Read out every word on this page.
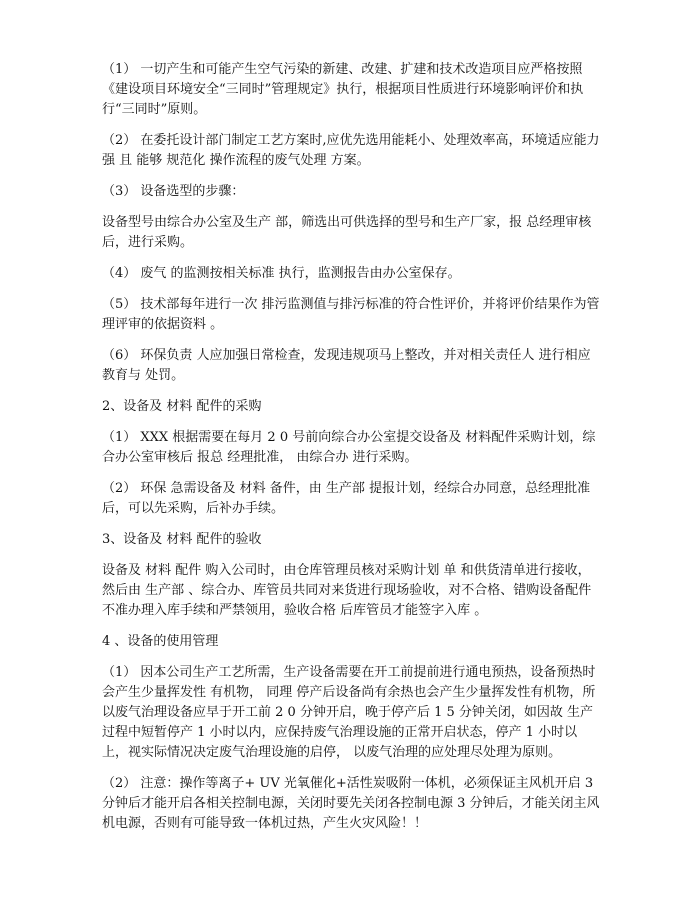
（1） 一切产生和可能产生空气污染的新建、改建、扩建和技术改造项目应严格按照《建设项目环境安全“三同时”管理规定》执行，根据项目性质进行环境影响评价和执行“三同时”原则。

（2） 在委托设计部门制定工艺方案时,应优先选用能耗小、处理效率高，环境适应能力强 且 能够 规范化 操作流程的废气处理 方案。

（3） 设备选型的步骤：

设备型号由综合办公室及生产 部，筛选出可供选择的型号和生产厂家，报 总经理审核后，进行采购。

（4） 废气 的监测按相关标准 执行，监测报告由办公室保存。

（5） 技术部每年进行一次 排污监测值与排污标准的符合性评价，并将评价结果作为管理评审的依据资料 。

（6） 环保负责 人应加强日常检查，发现违规项马上整改，并对相关责任人 进行相应 教育与 处罚。

2、设备及 材料 配件的采购

（1） XXX 根据需要在每月 2 0 号前向综合办公室提交设备及 材料配件采购计划，综合办公室审核后 报总 经理批准， 由综合办 进行采购。

（2） 环保 急需设备及 材料 备件，由 生产部 提报计划，经综合办同意，总经理批准后，可以先采购，后补办手续。

3、设备及 材料 配件的验收

设备及 材料 配件 购入公司时，由仓库管理员核对采购计划 单 和供货清单进行接收，然后由 生产部 、综合办、库管员共同对来货进行现场验收，对不合格、错购设备配件不准办理入库手续和严禁领用，验收合格 后库管员才能签字入库 。

4 、设备的使用管理

（1） 因本公司生产工艺所需，生产设备需要在开工前提前进行通电预热，设备预热时会产生少量挥发性 有机物， 同理 停产后设备尚有余热也会产生少量挥发性有机物，所以废气治理设备应早于开工前 2 0 分钟开启，晚于停产后 1 5 分钟关闭，如因故 生产过程中短暂停产 1 小时以内，应保持废气治理设施的正常开启状态，停产 1 小时以上，视实际情况决定废气治理设施的启停， 以废气治理的应处理尽处理为原则。

（2） 注意：操作等离子+ UV 光氧催化+活性炭吸附一体机，必须保证主风机开启 3 分钟后才能开启各相关控制电源，关闭时要先关闭各控制电源 3 分钟后，才能关闭主风机电源，否则有可能导致一体机过热，产生火灾风险！！
